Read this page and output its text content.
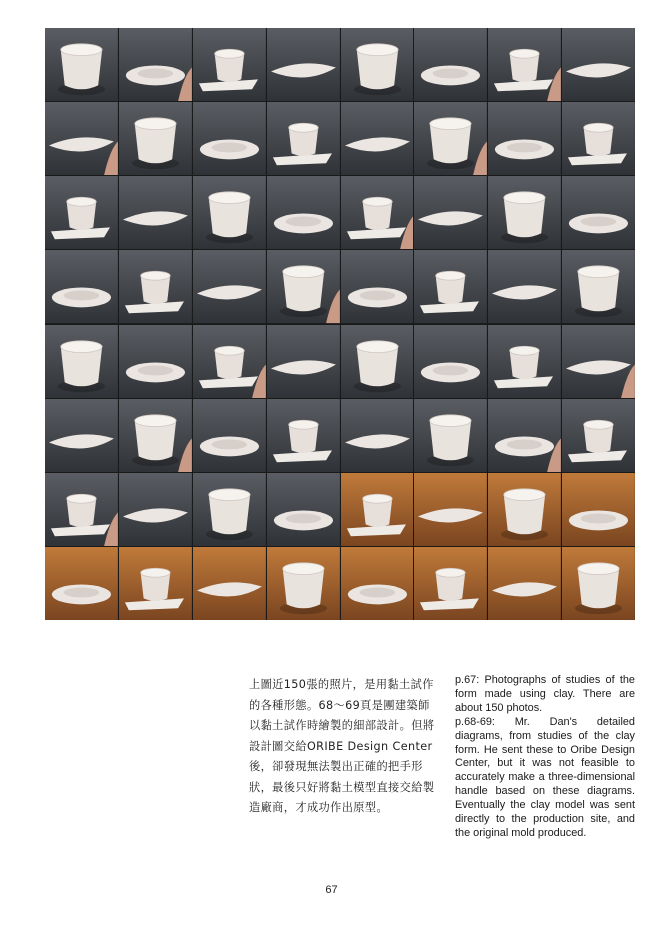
上圖近150張的照片，是用黏土試作的各種形態。68～69頁是團建築師以黏土試作時繪製的細部設計。但將設計圖交給ORIBE Design Center後，卻發現無法製出正確的把手形狀，最後只好將黏土模型直接交給製造廠商，才成功作出原型。

p.67: Photographs of studies of the form made using clay. There are about 150 photos.

p.68-69: Mr. Dan's detailed diagrams, from studies of the clay form. He sent these to Oribe Design Center, but it was not feasible to accurately make a three-dimensional handle based on these diagrams. Eventually the clay model was sent directly to the production site, and the original mold produced.

67
